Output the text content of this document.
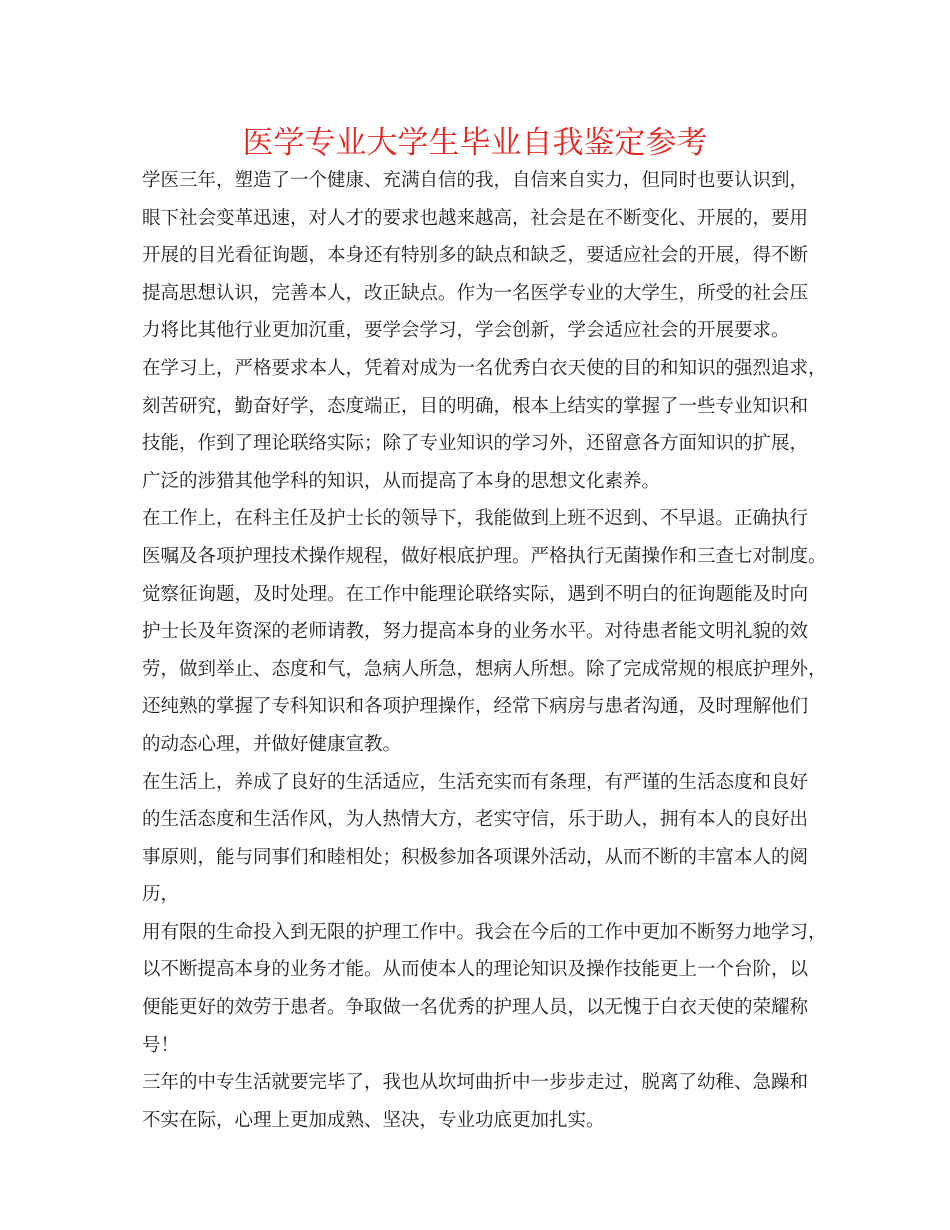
医学专业大学生毕业自我鉴定参考
学医三年，塑造了一个健康、充满自信的我，自信来自实力，但同时也要认识到，
眼下社会变革迅速，对人才的要求也越来越高，社会是在不断变化、开展的，要用
开展的目光看征询题，本身还有特别多的缺点和缺乏，要适应社会的开展，得不断
提高思想认识，完善本人，改正缺点。作为一名医学专业的大学生，所受的社会压
力将比其他行业更加沉重，要学会学习，学会创新，学会适应社会的开展要求。
在学习上，严格要求本人，凭着对成为一名优秀白衣天使的目的和知识的强烈追求，
刻苦研究，勤奋好学，态度端正，目的明确，根本上结实的掌握了一些专业知识和
技能，作到了理论联络实际；除了专业知识的学习外，还留意各方面知识的扩展，
广泛的涉猎其他学科的知识，从而提高了本身的思想文化素养。
在工作上，在科主任及护士长的领导下，我能做到上班不迟到、不早退。正确执行
医嘱及各项护理技术操作规程，做好根底护理。严格执行无菌操作和三查七对制度。
觉察征询题，及时处理。在工作中能理论联络实际，遇到不明白的征询题能及时向
护士长及年资深的老师请教，努力提高本身的业务水平。对待患者能文明礼貌的效
劳，做到举止、态度和气，急病人所急，想病人所想。除了完成常规的根底护理外，
还纯熟的掌握了专科知识和各项护理操作，经常下病房与患者沟通，及时理解他们
的动态心理，并做好健康宣教。
在生活上，养成了良好的生活适应，生活充实而有条理，有严谨的生活态度和良好
的生活态度和生活作风，为人热情大方，老实守信，乐于助人，拥有本人的良好出
事原则，能与同事们和睦相处；积极参加各项课外活动，从而不断的丰富本人的阅
历，
用有限的生命投入到无限的护理工作中。我会在今后的工作中更加不断努力地学习，
以不断提高本身的业务才能。从而使本人的理论知识及操作技能更上一个台阶，以
便能更好的效劳于患者。争取做一名优秀的护理人员，以无愧于白衣天使的荣耀称
号！
三年的中专生活就要完毕了，我也从坎坷曲折中一步步走过，脱离了幼稚、急躁和
不实在际，心理上更加成熟、坚决，专业功底更加扎实。
